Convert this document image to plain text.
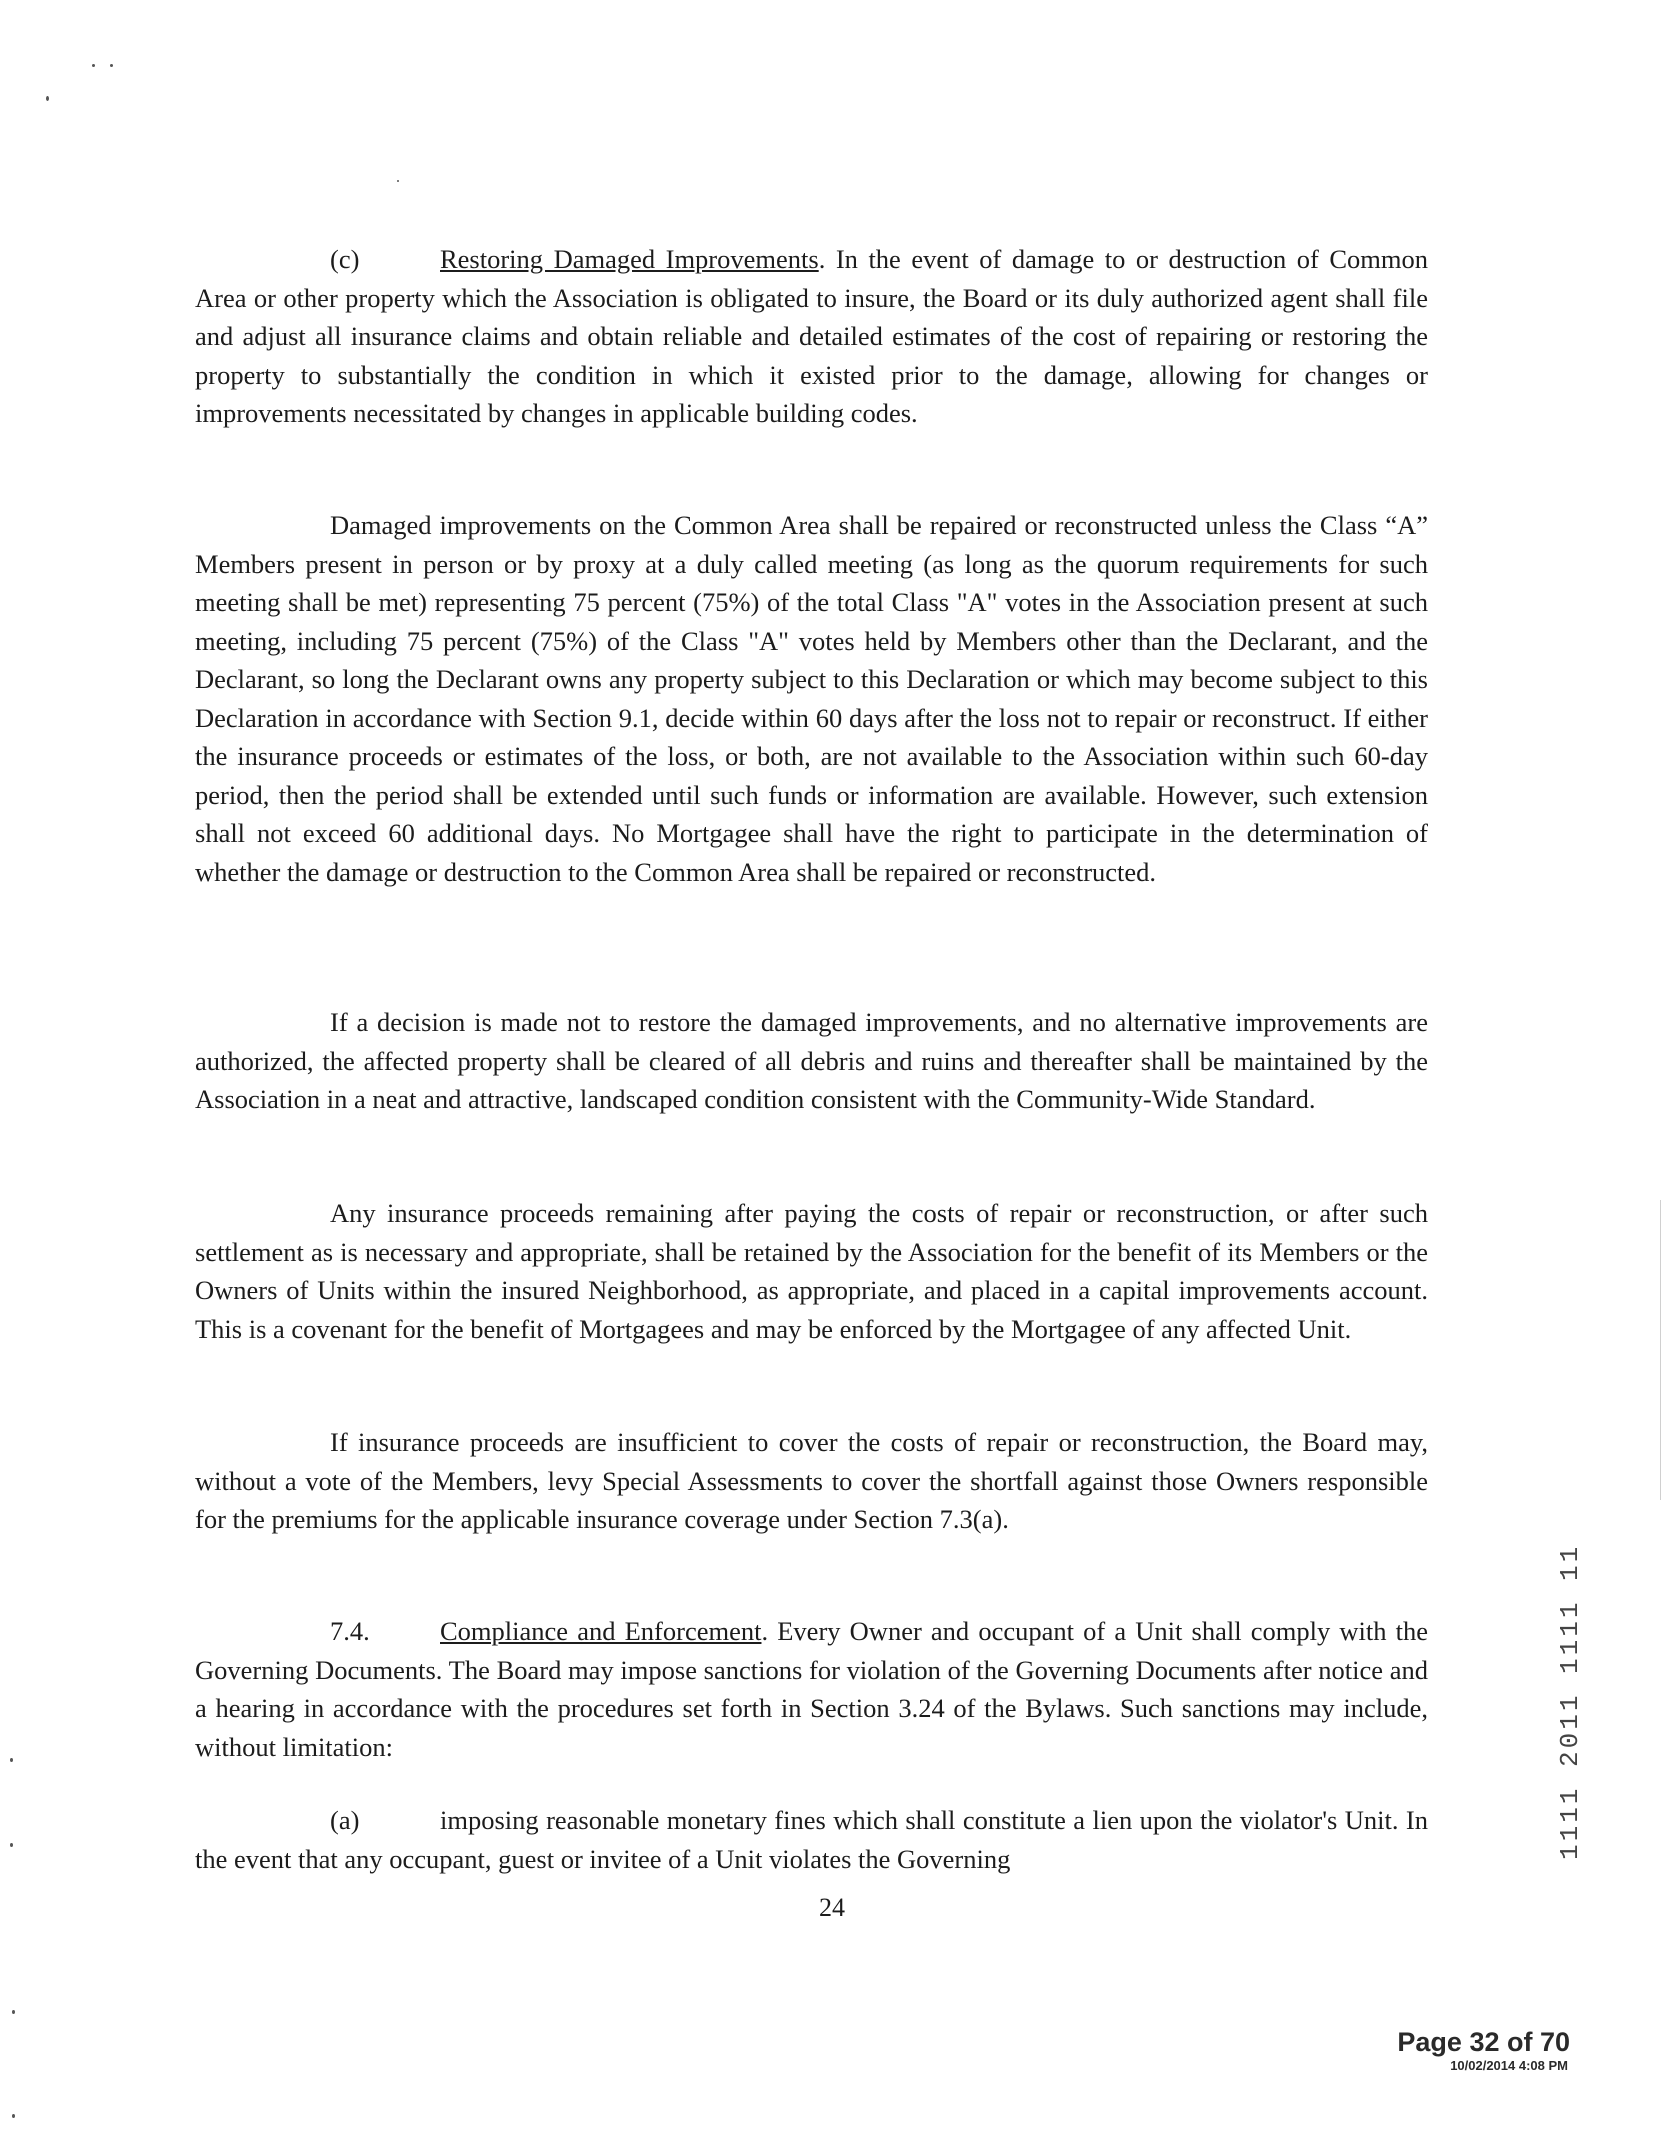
(c)	Restoring Damaged Improvements. In the event of damage to or destruction of Common Area or other property which the Association is obligated to insure, the Board or its duly authorized agent shall file and adjust all insurance claims and obtain reliable and detailed estimates of the cost of repairing or restoring the property to substantially the condition in which it existed prior to the damage, allowing for changes or improvements necessitated by changes in applicable building codes.

Damaged improvements on the Common Area shall be repaired or reconstructed unless the Class “A” Members present in person or by proxy at a duly called meeting (as long as the quorum requirements for such meeting shall be met) representing 75 percent (75%) of the total Class "A" votes in the Association present at such meeting, including 75 percent (75%) of the Class "A" votes held by Members other than the Declarant, and the Declarant, so long the Declarant owns any property subject to this Declaration or which may become subject to this Declaration in accordance with Section 9.1, decide within 60 days after the loss not to repair or reconstruct. If either the insurance proceeds or estimates of the loss, or both, are not available to the Association within such 60-day period, then the period shall be extended until such funds or information are available. However, such extension shall not exceed 60 additional days. No Mortgagee shall have the right to participate in the determination of whether the damage or destruction to the Common Area shall be repaired or reconstructed.

If a decision is made not to restore the damaged improvements, and no alternative improvements are authorized, the affected property shall be cleared of all debris and ruins and thereafter shall be maintained by the Association in a neat and attractive, landscaped condition consistent with the Community-Wide Standard.

Any insurance proceeds remaining after paying the costs of repair or reconstruction, or after such settlement as is necessary and appropriate, shall be retained by the Association for the benefit of its Members or the Owners of Units within the insured Neighborhood, as appropriate, and placed in a capital improvements account. This is a covenant for the benefit of Mortgagees and may be enforced by the Mortgagee of any affected Unit.

If insurance proceeds are insufficient to cover the costs of repair or reconstruction, the Board may, without a vote of the Members, levy Special Assessments to cover the shortfall against those Owners responsible for the premiums for the applicable insurance coverage under Section 7.3(a).

7.4.	Compliance and Enforcement. Every Owner and occupant of a Unit shall comply with the Governing Documents. The Board may impose sanctions for violation of the Governing Documents after notice and a hearing in accordance with the procedures set forth in Section 3.24 of the Bylaws. Such sanctions may include, without limitation:

(a)	imposing reasonable monetary fines which shall constitute a lien upon the violator's Unit. In the event that any occupant, guest or invitee of a Unit violates the Governing

24
1111 2011 1111 11
Page 32 of 70
10/02/2014 4:08 PM
